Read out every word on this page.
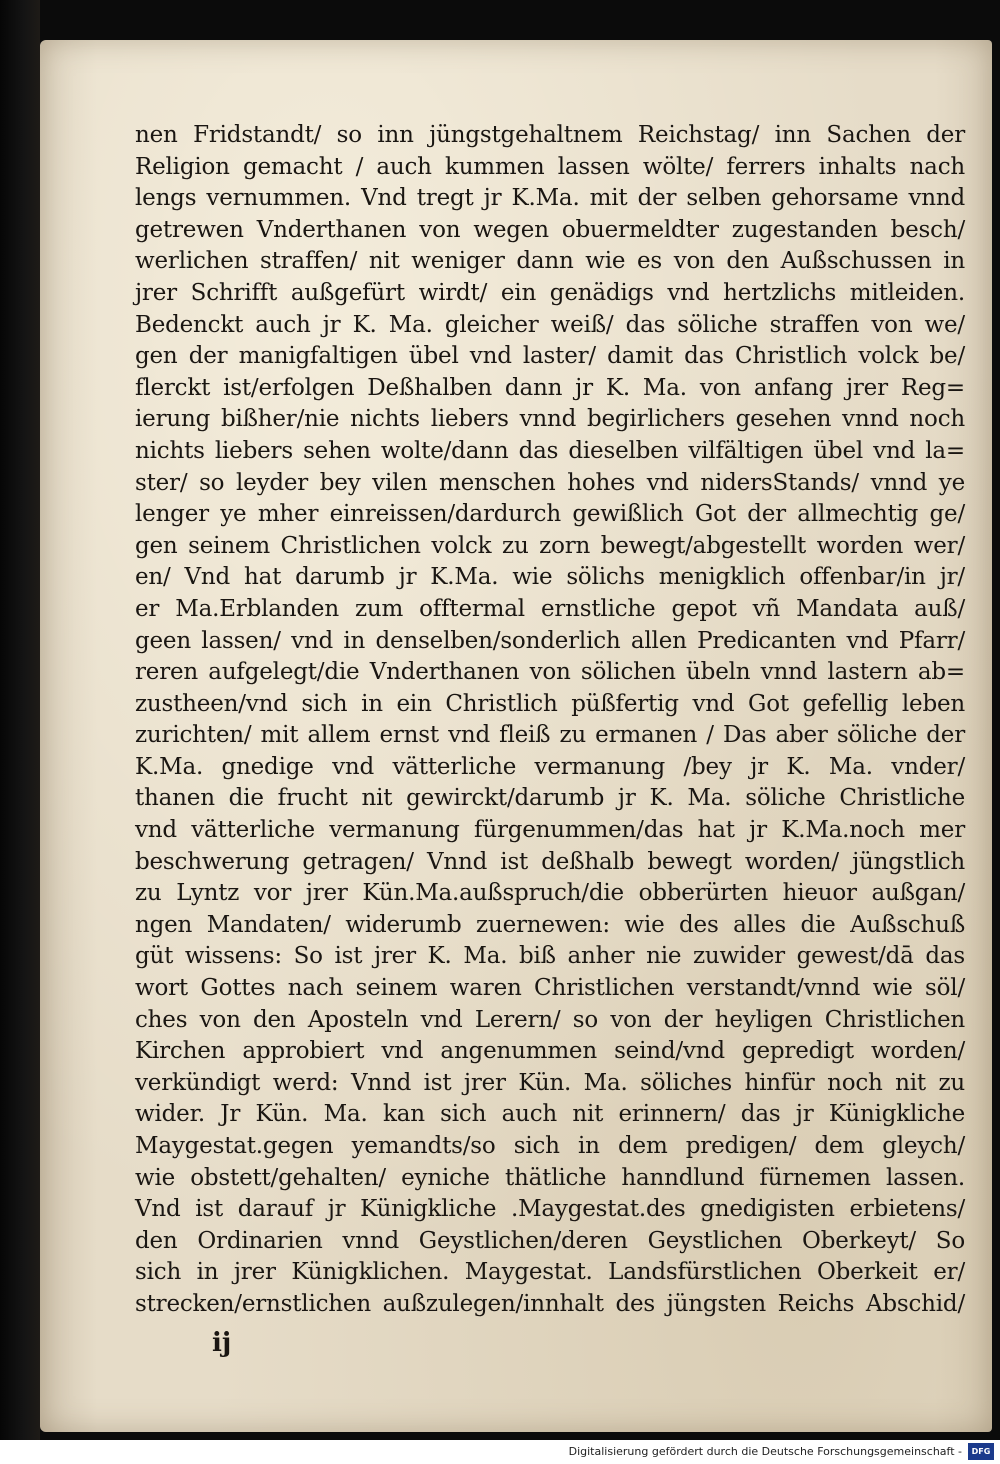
nen Fridstandt/ so inn jüngstgehaltnem Reichstag/ inn Sachen der
Religion gemacht / auch kummen lassen wölte/ ferrers inhalts nach
lengs vernummen. Vnd tregt jr K.Ma. mit der selben gehorsame vnnd
getrewen Vnderthanen von wegen obuermeldter zugestanden besch/
werlichen straffen/ nit weniger dann wie es von den Außschussen in
jrer Schrifft außgefürt wirdt/ ein genädigs vnd hertzlichs mitleiden.
Bedenckt auch jr K. Ma. gleicher weiß/ das söliche straffen von we/
gen der manigfaltigen übel vnd laster/ damit das Christlich volck be/
flerckt ist/erfolgen Deßhalben dann jr K. Ma. von anfang jrer Reg=
ierung bißher/nie nichts liebers vnnd begirlichers gesehen vnnd noch
nichts liebers sehen wolte/dann das dieselben vilfältigen übel vnd la=
ster/ so leyder bey vilen menschen hohes vnd nidersStands/ vnnd ye
lenger ye mher einreissen/dardurch gewißlich Got der allmechtig ge/
gen seinem Christlichen volck zu zorn bewegt/abgestellt worden wer/
en/ Vnd hat darumb jr K.Ma. wie sölichs menigklich offenbar/in jr/
er Ma.Erblanden zum offtermal ernstliche gepot vñ Mandata auß/
geen lassen/ vnd in denselben/sonderlich allen Predicanten vnd Pfarr/
reren aufgelegt/die Vnderthanen von sölichen übeln vnnd lastern ab=
zustheen/vnd sich in ein Christlich püßfertig vnd Got gefellig leben
zurichten/ mit allem ernst vnd fleiß zu ermanen / Das aber söliche der
K.Ma. gnedige vnd vätterliche vermanung /bey jr K. Ma. vnder/
thanen die frucht nit gewirckt/darumb jr K. Ma. söliche Christliche
vnd vätterliche vermanung fürgenummen/das hat jr K.Ma.noch mer
beschwerung getragen/ Vnnd ist deßhalb bewegt worden/ jüngstlich
zu Lyntz vor jrer Kün.Ma.außspruch/die obberürten hieuor außgan/
ngen Mandaten/ widerumb zuernewen: wie des alles die Außschuß
güt wissens: So ist jrer K. Ma. biß anher nie zuwider gewest/dā das
wort Gottes nach seinem waren Christlichen verstandt/vnnd wie söl/
ches von den Aposteln vnd Lerern/ so von der heyligen Christlichen
Kirchen approbiert vnd angenummen seind/vnd gepredigt worden/
verkündigt werd: Vnnd ist jrer Kün. Ma. söliches hinfür noch nit zu
wider. Jr Kün. Ma. kan sich auch nit erinnern/ das jr Künigkliche
Maygestat.gegen yemandts/so sich in dem predigen/ dem gleych/
wie obstett/gehalten/ eyniche thätliche hanndlund fürnemen lassen.
Vnd ist darauf jr Künigkliche .Maygestat.des gnedigisten erbietens/
den Ordinarien vnnd Geystlichen/deren Geystlichen Oberkeyt/ So
sich in jrer Künigklichen. Maygestat. Landsfürstlichen Oberkeit er/
strecken/ernstlichen außzulegen/innhalt des jüngsten Reichs Abschid/
ij
Digitalisierung gefördert durch die Deutsche Forschungsgemeinschaft -	DFG
